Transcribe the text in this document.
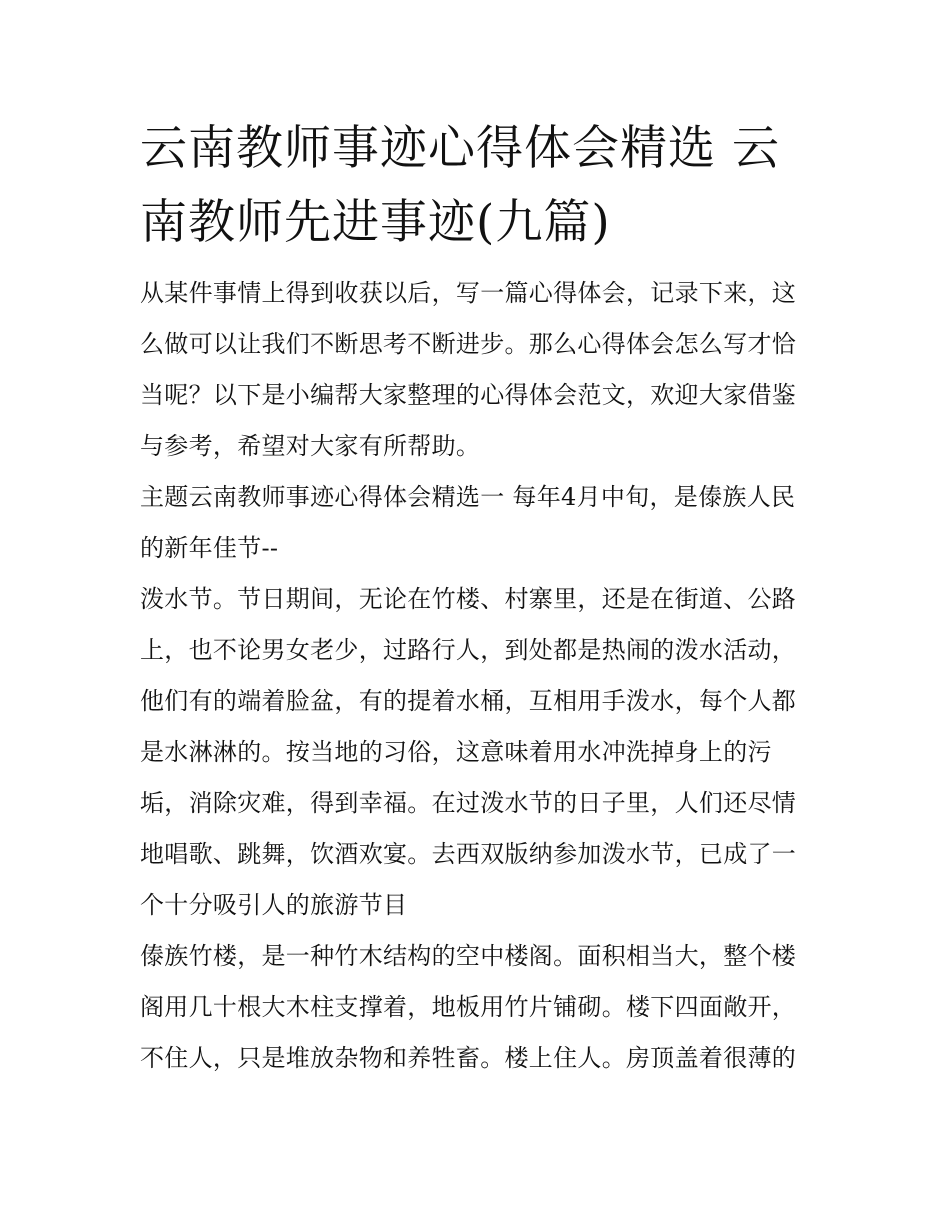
云南教师事迹心得体会精选 云南教师先进事迹(九篇)

从某件事情上得到收获以后，写一篇心得体会，记录下来，这么做可以让我们不断思考不断进步。那么心得体会怎么写才恰当呢？以下是小编帮大家整理的心得体会范文，欢迎大家借鉴与参考，希望对大家有所帮助。

主题云南教师事迹心得体会精选一 每年4月中旬，是傣族人民的新年佳节--

泼水节。节日期间，无论在竹楼、村寨里，还是在街道、公路上，也不论男女老少，过路行人，到处都是热闹的泼水活动，他们有的端着脸盆，有的提着水桶，互相用手泼水，每个人都是水淋淋的。按当地的习俗，这意味着用水冲洗掉身上的污垢，消除灾难，得到幸福。在过泼水节的日子里，人们还尽情地唱歌、跳舞，饮酒欢宴。去西双版纳参加泼水节，已成了一个十分吸引人的旅游节目

傣族竹楼，是一种竹木结构的空中楼阁。面积相当大，整个楼阁用几十根大木柱支撑着，地板用竹片铺砌。楼下四面敞开，不住人，只是堆放杂物和养牲畜。楼上住人。房顶盖着很薄的
